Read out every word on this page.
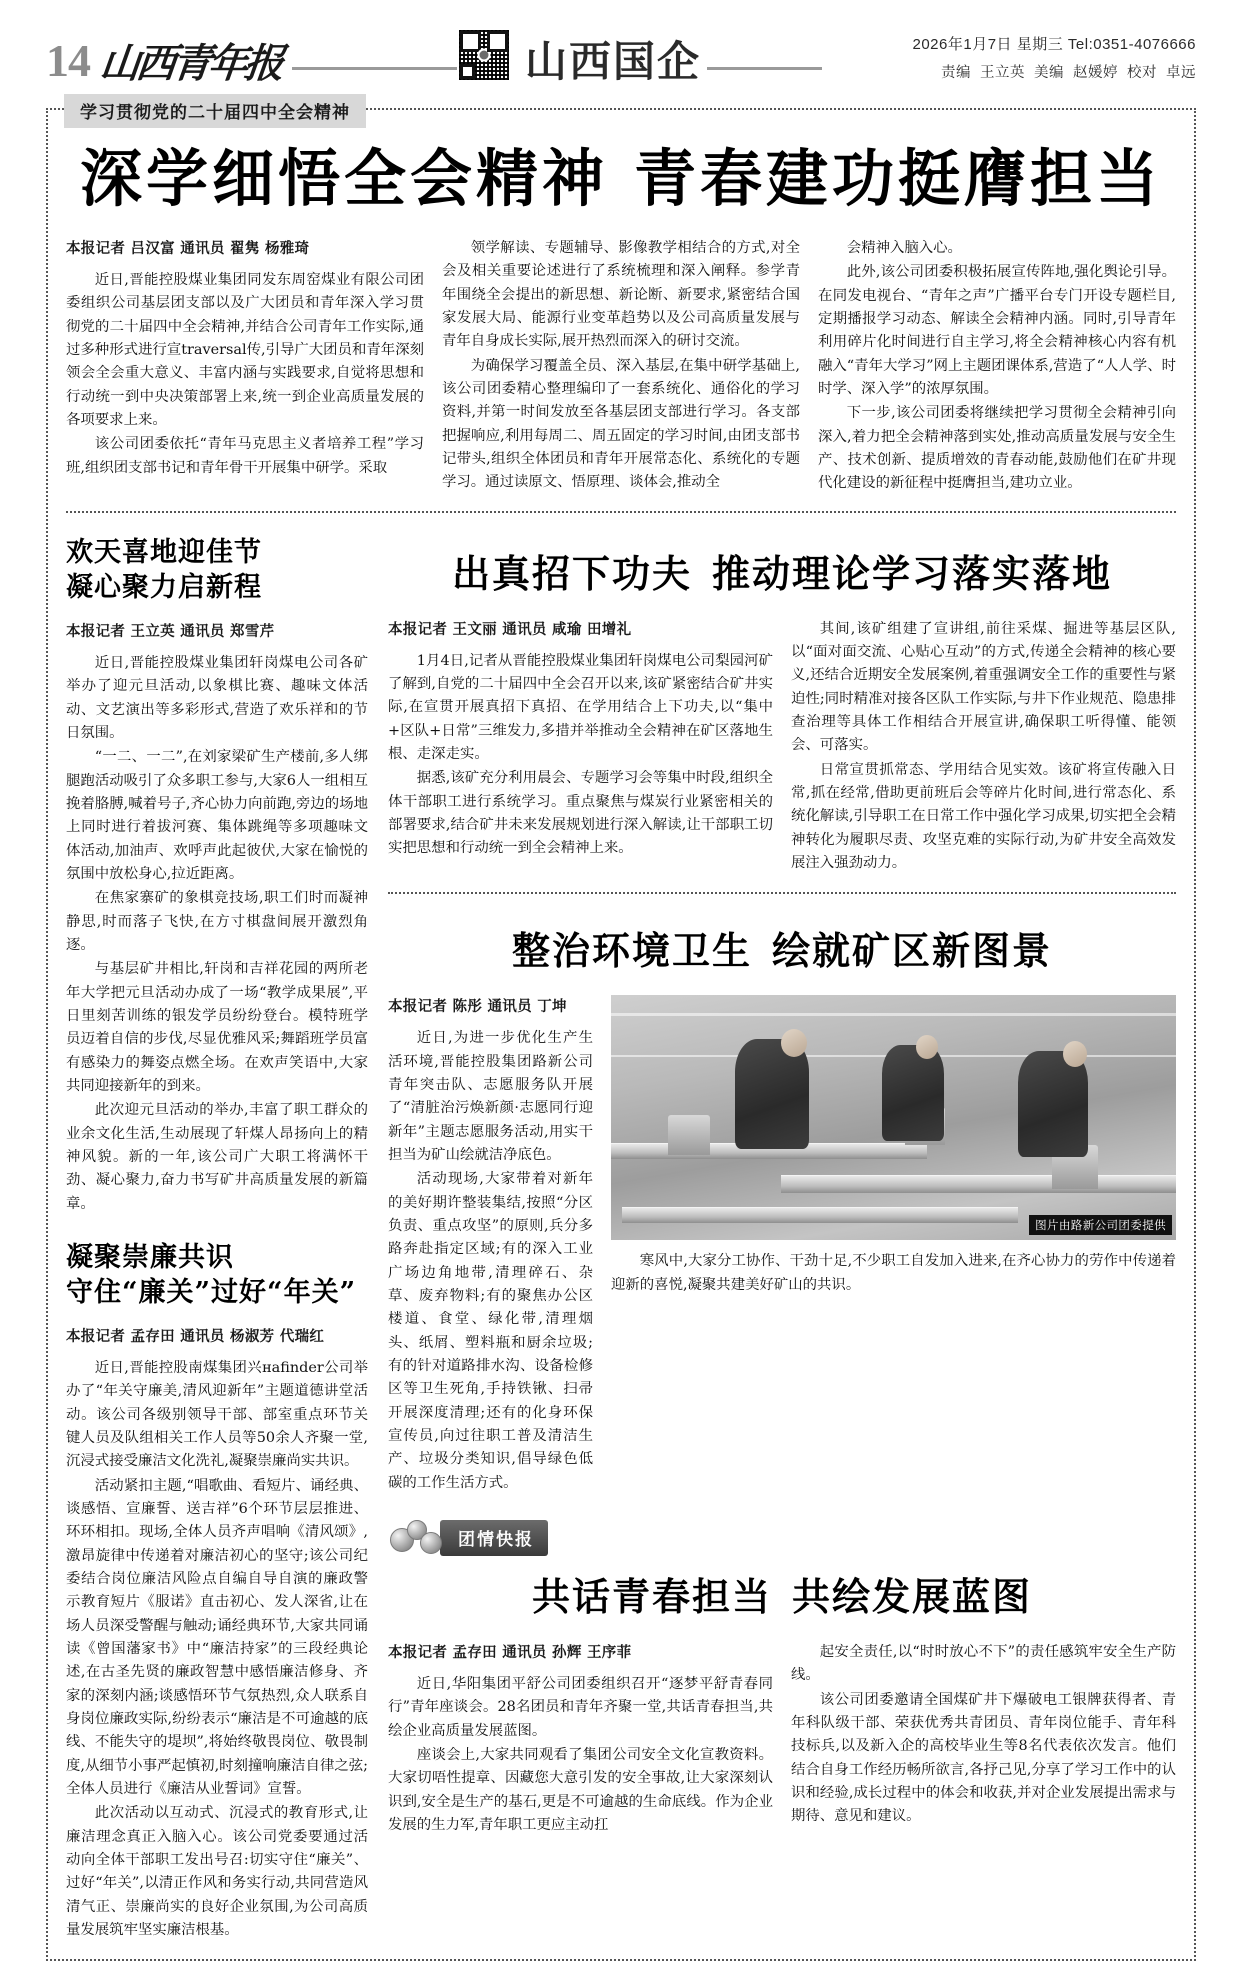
14 山西青年报	山西国企	2026年1月7日 星期三 Tel:0351-4076666
责编 王立英 美编 赵媛婷 校对 卓远
学习贯彻党的二十届四中全会精神
深学细悟全会精神 青春建功挺膺担当
本报记者 吕汉富 通讯员 翟隽 杨雅琦

近日,晋能控股煤业集团同发东周窑煤业有限公司团委组织公司基层团支部以及广大团员和青年深入学习贯彻党的二十届四中全会精神,并结合公司青年工作实际,通过多种形式进行宣traversal传,引导广大团员和青年深刻领会全会重大意义、丰富内涵与实践要求,自觉将思想和行动统一到中央决策部署上来,统一到企业高质量发展的各项要求上来。

该公司团委依托“青年马克思主义者培养工程”学习班,组织团支部书记和青年骨干开展集中研学。采取

领学解读、专题辅导、影像教学相结合的方式,对全会及相关重要论述进行了系统梳理和深入阐释。参学青年围绕全会提出的新思想、新论断、新要求,紧密结合国家发展大局、能源行业变革趋势以及公司高质量发展与青年自身成长实际,展开热烈而深入的研讨交流。

为确保学习覆盖全员、深入基层,在集中研学基础上,该公司团委精心整理编印了一套系统化、通俗化的学习资料,并第一时间发放至各基层团支部进行学习。各支部把握响应,利用每周二、周五固定的学习时间,由团支部书记带头,组织全体团员和青年开展常态化、系统化的专题学习。通过读原文、悟原理、谈体会,推动全

会精神入脑入心。

此外,该公司团委积极拓展宣传阵地,强化舆论引导。在同发电视台、“青年之声”广播平台专门开设专题栏目,定期播报学习动态、解读全会精神内涵。同时,引导青年利用碎片化时间进行自主学习,将全会精神核心内容有机融入“青年大学习”网上主题团课体系,营造了“人人学、时时学、深入学”的浓厚氛围。

下一步,该公司团委将继续把学习贯彻全会精神引向深入,着力把全会精神落到实处,推动高质量发展与安全生产、技术创新、提质增效的青春动能,鼓励他们在矿井现代化建设的新征程中挺膺担当,建功立业。

欢天喜地迎佳节
凝心聚力启新程
本报记者 王立英 通讯员 郑雪芹

近日,晋能控股煤业集团轩岗煤电公司各矿举办了迎元旦活动,以象棋比赛、趣味文体活动、文艺演出等多彩形式,营造了欢乐祥和的节日氛围。

“一二、一二”,在刘家梁矿生产楼前,多人绑腿跑活动吸引了众多职工参与,大家6人一组相互挽着胳膊,喊着号子,齐心协力向前跑,旁边的场地上同时进行着拔河赛、集体跳绳等多项趣味文体活动,加油声、欢呼声此起彼伏,大家在愉悦的氛围中放松身心,拉近距离。

在焦家寨矿的象棋竞技场,职工们时而凝神静思,时而落子飞快,在方寸棋盘间展开激烈角逐。

与基层矿井相比,轩岗和吉祥花园的两所老年大学把元旦活动办成了一场“教学成果展”,平日里刻苦训练的银发学员纷纷登台。模特班学员迈着自信的步伐,尽显优雅风采;舞蹈班学员富有感染力的舞姿点燃全场。在欢声笑语中,大家共同迎接新年的到来。

此次迎元旦活动的举办,丰富了职工群众的业余文化生活,生动展现了轩煤人昂扬向上的精神风貌。新的一年,该公司广大职工将满怀干劲、凝心聚力,奋力书写矿井高质量发展的新篇章。

凝聚崇廉共识
守住“廉关”过好“年关”
本报记者 孟存田 通讯员 杨淑芳 代瑞红

近日,晋能控股南煤集团兴наfinder公司举办了“年关守廉美,清风迎新年”主题道德讲堂活动。该公司各级别领导干部、部室重点环节关键人员及队组相关工作人员等50余人齐聚一堂,沉浸式接受廉洁文化洗礼,凝聚崇廉尚实共识。

活动紧扣主题,“唱歌曲、看短片、诵经典、谈感悟、宣廉誓、送吉祥”6个环节层层推进、环环相扣。现场,全体人员齐声唱响《清风颂》,激昂旋律中传递着对廉洁初心的坚守;该公司纪委结合岗位廉洁风险点自编自导自演的廉政警示教育短片《服诺》直击初心、发人深省,让在场人员深受警醒与触动;诵经典环节,大家共同诵读《曾国藩家书》中“廉洁持家”的三段经典论述,在古圣先贤的廉政智慧中感悟廉洁修身、齐家的深刻内涵;谈感悟环节气氛热烈,众人联系自身岗位廉政实际,纷纷表示“廉洁是不可逾越的底线、不能失守的堤坝”,将始终敬畏岗位、敬畏制度,从细节小事严起慎初,时刻撞响廉洁自律之弦;全体人员进行《廉洁从业誓词》宣誓。

此次活动以互动式、沉浸式的教育形式,让廉洁理念真正入脑入心。该公司党委要通过活动向全体干部职工发出号召:切实守住“廉关”、过好“年关”,以清正作风和务实行动,共同营造风清气正、崇廉尚实的良好企业氛围,为公司高质量发展筑牢坚实廉洁根基。

出真招下功夫 推动理论学习落实落地
本报记者 王文丽 通讯员 咸瑜 田增礼

1月4日,记者从晋能控股煤业集团轩岗煤电公司梨园河矿了解到,自党的二十届四中全会召开以来,该矿紧密结合矿井实际,在宣贯开展真招下真招、在学用结合上下功夫,以“集中+区队+日常”三维发力,多措并举推动全会精神在矿区落地生根、走深走实。

据悉,该矿充分利用晨会、专题学习会等集中时段,组织全体干部职工进行系统学习。重点聚焦与煤炭行业紧密相关的部署要求,结合矿井未来发展规划进行深入解读,让干部职工切实把思想和行动统一到全会精神上来。

其间,该矿组建了宣讲组,前往采煤、掘进等基层区队,以“面对面交流、心贴心互动”的方式,传递全会精神的核心要义,还结合近期安全发展案例,着重强调安全工作的重要性与紧迫性;同时精准对接各区队工作实际,与井下作业规范、隐患排查治理等具体工作相结合开展宣讲,确保职工听得懂、能领会、可落实。

日常宣贯抓常态、学用结合见实效。该矿将宣传融入日常,抓在经常,借助更前班后会等碎片化时间,进行常态化、系统化解读,引导职工在日常工作中强化学习成果,切实把全会精神转化为履职尽责、攻坚克难的实际行动,为矿井安全高效发展注入强劲动力。

整治环境卫生 绘就矿区新图景
本报记者 陈彤 通讯员 丁坤

近日,为进一步优化生产生活环境,晋能控股集团路新公司青年突击队、志愿服务队开展了“清脏治污焕新颜·志愿同行迎新年”主题志愿服务活动,用实干担当为矿山绘就洁净底色。

活动现场,大家带着对新年的美好期许整装集结,按照“分区负责、重点攻坚”的原则,兵分多路奔赴指定区域;有的深入工业广场边角地带,清理碎石、杂草、废弃物料;有的聚焦办公区楼道、食堂、绿化带,清理烟头、纸屑、塑料瓶和厨余垃圾;有的针对道路排水沟、设备检修区等卫生死角,手持铁锹、扫帚开展深度清理;还有的化身环保宣传员,向过往职工普及清洁生产、垃圾分类知识,倡导绿色低碳的工作生活方式。

图片由路新公司团委提供

寒风中,大家分工协作、干劲十足,不少职工自发加入进来,在齐心协力的劳作中传递着迎新的喜悦,凝聚共建美好矿山的共识。

团情快报
共话青春担当 共绘发展蓝图
本报记者 孟存田 通讯员 孙辉 王序菲

近日,华阳集团平舒公司团委组织召开“逐梦平舒青春同行”青年座谈会。28名团员和青年齐聚一堂,共话青春担当,共绘企业高质量发展蓝图。

座谈会上,大家共同观看了集团公司安全文化宣教资料。大家切唔性提章、因藏您大意引发的安全事故,让大家深刻认识到,安全是生产的基石,更是不可逾越的生命底线。作为企业发展的生力军,青年职工更应主动扛

起安全责任,以“时时放心不下”的责任感筑牢安全生产防线。

该公司团委邀请全国煤矿井下爆破电工银牌获得者、青年科队级干部、荣获优秀共青团员、青年岗位能手、青年科技标兵,以及新入企的高校毕业生等8名代表依次发言。他们结合自身工作经历畅所欲言,各抒己见,分享了学习工作中的认识和经验,成长过程中的体会和收获,并对企业发展提出需求与期待、意见和建议。
